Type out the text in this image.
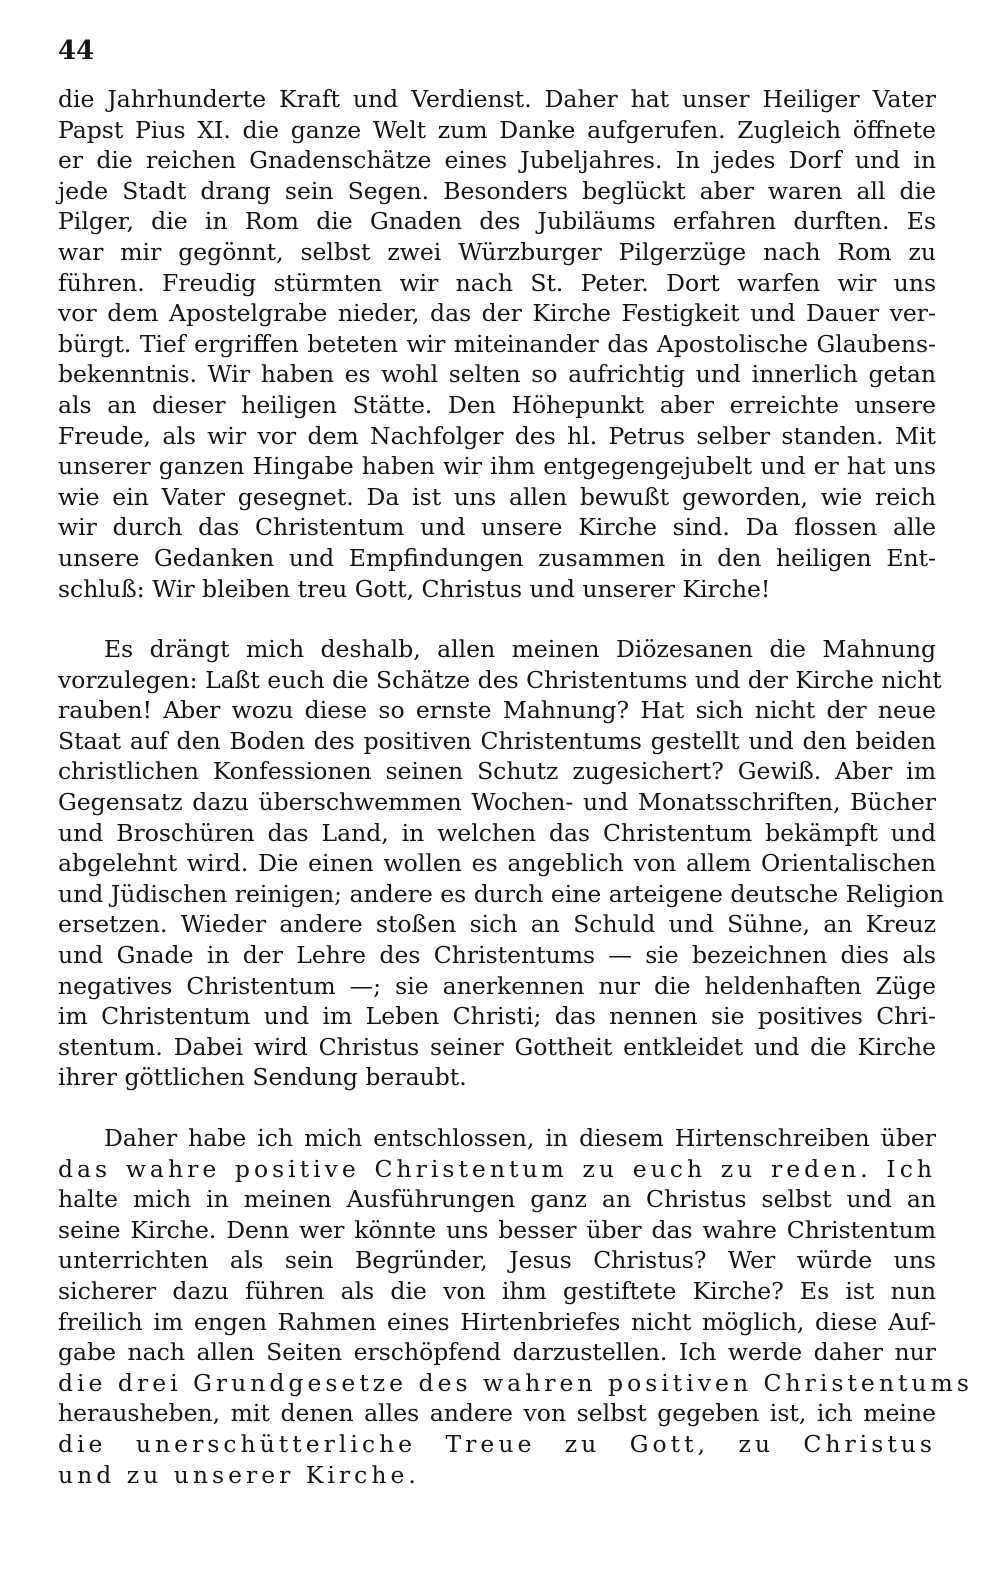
44
die Jahrhunderte Kraft und Verdienst. Daher hat unser Heiliger Vater
Papst Pius XI. die ganze Welt zum Danke aufgerufen. Zugleich öffnete
er die reichen Gnadenschätze eines Jubeljahres. In jedes Dorf und in
jede Stadt drang sein Segen. Besonders beglückt aber waren all die
Pilger, die in Rom die Gnaden des Jubiläums erfahren durften. Es
war mir gegönnt, selbst zwei Würzburger Pilgerzüge nach Rom zu
führen. Freudig stürmten wir nach St. Peter. Dort warfen wir uns
vor dem Apostelgrabe nieder, das der Kirche Festigkeit und Dauer ver-
bürgt. Tief ergriffen beteten wir miteinander das Apostolische Glaubens-
bekenntnis. Wir haben es wohl selten so aufrichtig und innerlich getan
als an dieser heiligen Stätte. Den Höhepunkt aber erreichte unsere
Freude, als wir vor dem Nachfolger des hl. Petrus selber standen. Mit
unserer ganzen Hingabe haben wir ihm entgegengejubelt und er hat uns
wie ein Vater gesegnet. Da ist uns allen bewußt geworden, wie reich
wir durch das Christentum und unsere Kirche sind. Da flossen alle
unsere Gedanken und Empfindungen zusammen in den heiligen Ent-
schluß: Wir bleiben treu Gott, Christus und unserer Kirche!
Es drängt mich deshalb, allen meinen Diözesanen die Mahnung
vorzulegen: Laßt euch die Schätze des Christentums und der Kirche nicht
rauben! Aber wozu diese so ernste Mahnung? Hat sich nicht der neue
Staat auf den Boden des positiven Christentums gestellt und den beiden
christlichen Konfessionen seinen Schutz zugesichert? Gewiß. Aber im
Gegensatz dazu überschwemmen Wochen- und Monatsschriften, Bücher
und Broschüren das Land, in welchen das Christentum bekämpft und
abgelehnt wird. Die einen wollen es angeblich von allem Orientalischen
und Jüdischen reinigen; andere es durch eine arteigene deutsche Religion
ersetzen. Wieder andere stoßen sich an Schuld und Sühne, an Kreuz
und Gnade in der Lehre des Christentums — sie bezeichnen dies als
negatives Christentum —; sie anerkennen nur die heldenhaften Züge
im Christentum und im Leben Christi; das nennen sie positives Chri-
stentum. Dabei wird Christus seiner Gottheit entkleidet und die Kirche
ihrer göttlichen Sendung beraubt.
Daher habe ich mich entschlossen, in diesem Hirtenschreiben über
das wahre positive Christentum zu euch zu reden. Ich
halte mich in meinen Ausführungen ganz an Christus selbst und an
seine Kirche. Denn wer könnte uns besser über das wahre Christentum
unterrichten als sein Begründer, Jesus Christus? Wer würde uns
sicherer dazu führen als die von ihm gestiftete Kirche? Es ist nun
freilich im engen Rahmen eines Hirtenbriefes nicht möglich, diese Auf-
gabe nach allen Seiten erschöpfend darzustellen. Ich werde daher nur
die drei Grundgesetze des wahren positiven Christentums
herausheben, mit denen alles andere von selbst gegeben ist, ich meine
die unerschütterliche Treue zu Gott, zu Christus
und zu unserer Kirche.
